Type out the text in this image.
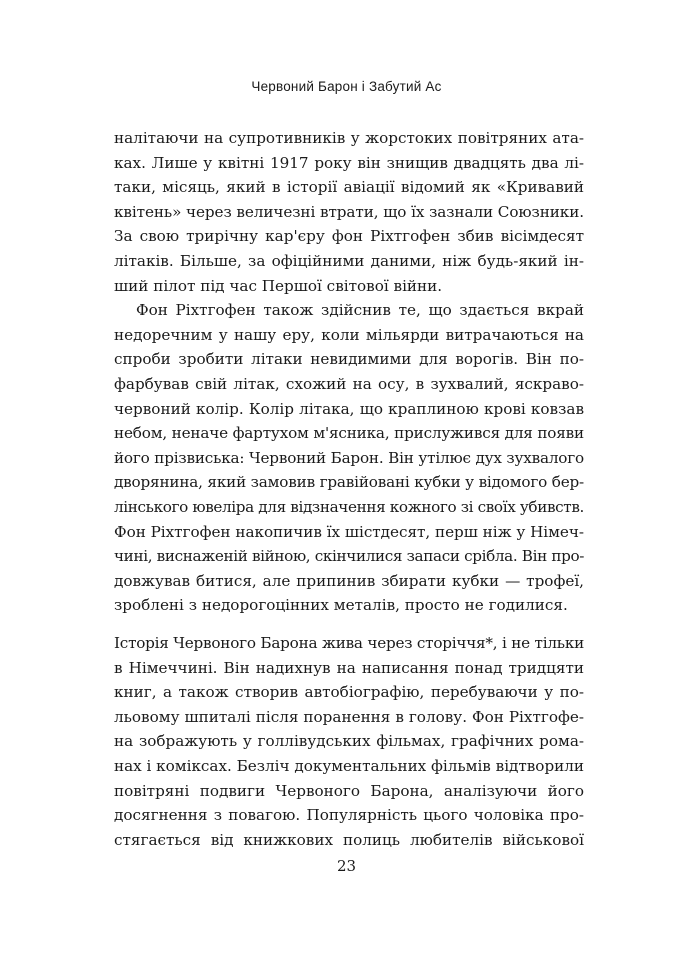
Червоний Барон і Забутий Ас
налітаючи на супротивників у жорстоких повітряних ата-
ках. Лише у квітні 1917 року він знищив двадцять два лі-
таки, місяць, який в історії авіації відомий як «Кривавий
квітень» через величезні втрати, що їх зазнали Союзники.
За свою трирічну кар'єру фон Ріхтгофен збив вісімдесят
літаків. Більше, за офіційними даними, ніж будь-який ін-
ший пілот під час Першої світової війни.
Фон Ріхтгофен також здійснив те, що здається вкрай
недоречним у нашу еру, коли мільярди витрачаються на
спроби зробити літаки невидимими для ворогів. Він по-
фарбував свій літак, схожий на осу, в зухвалий, яскраво-
червоний колір. Колір літака, що краплиною крові ковзав
небом, неначе фартухом м'ясника, прислужився для появи
його прізвиська: Червоний Барон. Він утілює дух зухвалого
дворянина, який замовив гравійовані кубки у відомого бер-
лінського ювеліра для відзначення кожного зі своїх убивств.
Фон Ріхтгофен накопичив їх шістдесят, перш ніж у Німеч-
чині, виснаженій війною, скінчилися запаси срібла. Він про-
довжував битися, але припинив збирати кубки — трофеї,
зроблені з недорогоцінних металів, просто не годилися.
Історія Червоного Барона жива через сторіччя*, і не тільки
в Німеччині. Він надихнув на написання понад тридцяти
книг, а також створив автобіографію, перебуваючи у по-
льовому шпиталі після поранення в голову. Фон Ріхтгофе-
на зображують у голлівудських фільмах, графічних рома-
нах і коміксах. Безліч документальних фільмів відтворили
повітряні подвиги Червоного Барона, аналізуючи його
досягнення з повагою. Популярність цього чоловіка про-
стягається від книжкових полиць любителів військової
23
